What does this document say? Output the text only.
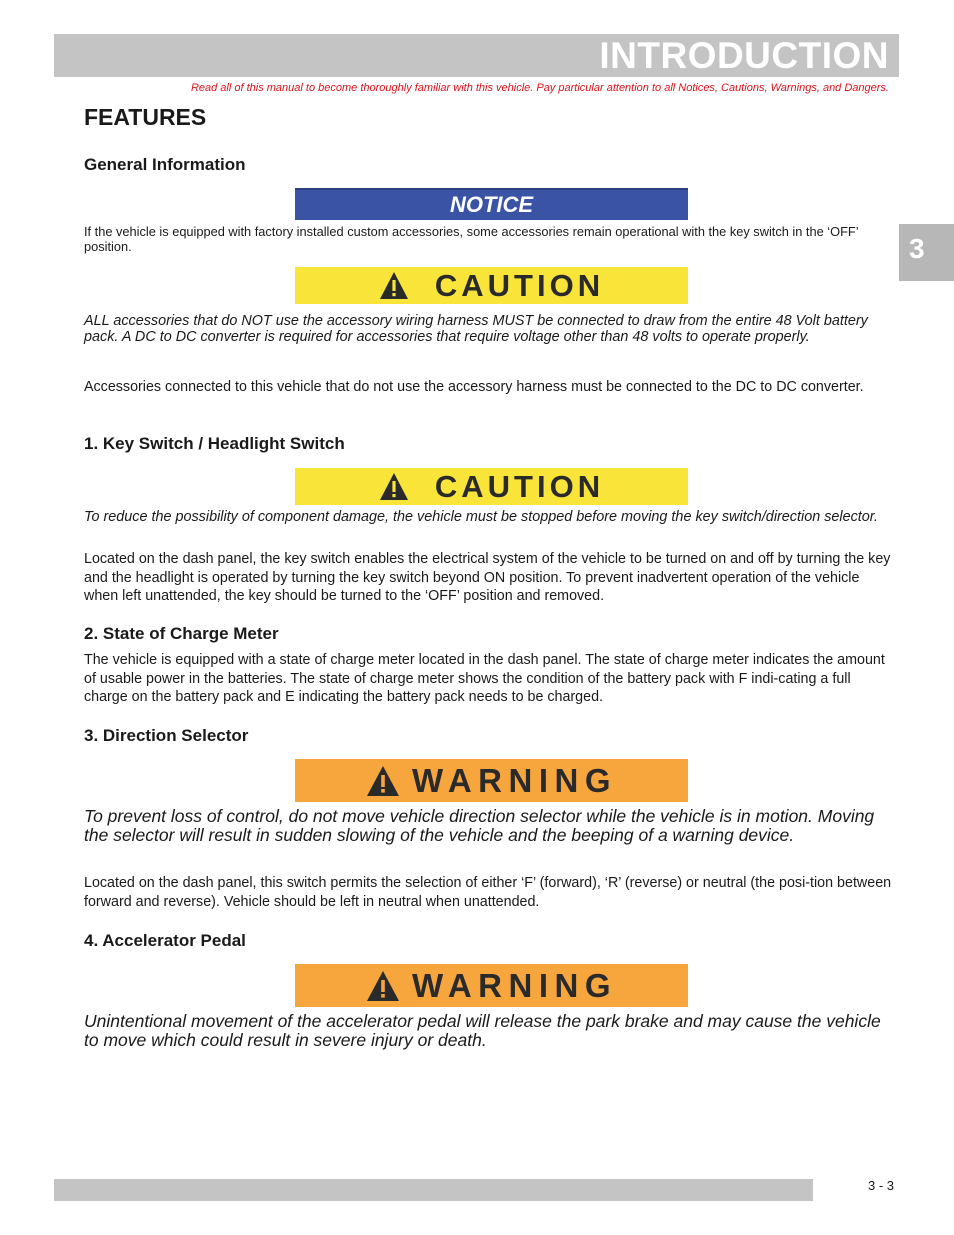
INTRODUCTION
Read all of this manual to become thoroughly familiar with this vehicle. Pay particular attention to all Notices, Cautions, Warnings, and Dangers.
3
FEATURES
General Information
NOTICE
If the vehicle is equipped with factory installed custom accessories, some accessories remain operational with the key switch in the ‘OFF’ position.
CAUTION
ALL accessories that do NOT use the accessory wiring harness MUST be connected to draw from the entire 48 Volt battery pack. A DC to DC converter is required for accessories that require voltage other than 48 volts to operate properly.
Accessories connected to this vehicle that do not use the accessory harness must be connected to the DC to DC converter.
1. Key Switch / Headlight Switch
CAUTION
To reduce the possibility of component damage, the vehicle must be stopped before moving the key switch/direction selector.
Located on the dash panel, the key switch enables the electrical system of the vehicle to be turned on and off by turning the key and the headlight is operated by turning the key switch beyond ON position. To prevent inadvertent operation of the vehicle when left unattended, the key should be turned to the ‘OFF’ position and removed.
2. State of Charge Meter
The vehicle is equipped with a state of charge meter located in the dash panel. The state of charge meter indicates the amount of usable power in the batteries. The state of charge meter shows the condition of the battery pack with F indi-cating a full charge on the battery pack and E indicating the battery pack needs to be charged.
3. Direction Selector
WARNING
To prevent loss of control, do not move vehicle direction selector while the vehicle is in motion. Moving the selector will result in sudden slowing of the vehicle and the beeping of a warning device.
Located on the dash panel, this switch permits the selection of either ‘F’ (forward), ‘R’ (reverse) or neutral (the posi-tion between forward and reverse). Vehicle should be left in neutral when unattended.
4. Accelerator Pedal
WARNING
Unintentional movement of the accelerator pedal will release the park brake and may cause the vehicle to move which could result in severe injury or death.
3 - 3
